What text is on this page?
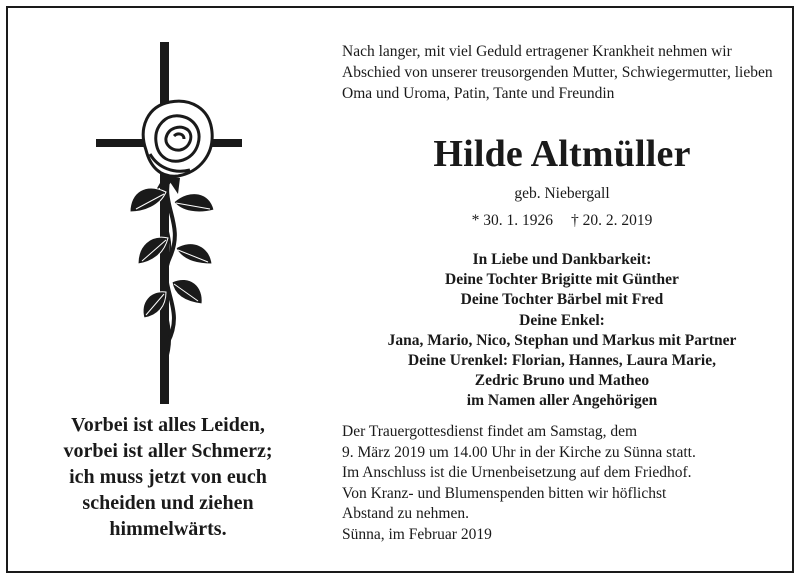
Vorbei ist alles Leiden,
vorbei ist aller Schmerz;
ich muss jetzt von euch
scheiden und ziehen
himmelwärts.
Nach langer, mit viel Geduld ertragener Krankheit nehmen wir Abschied von unserer treusorgenden Mutter, Schwiegermutter, lieben Oma und Uroma, Patin, Tante und Freundin
Hilde Altmüller
geb. Niebergall
* 30. 1. 1926 † 20. 2. 2019
In Liebe und Dankbarkeit:
Deine Tochter Brigitte mit Günther
Deine Tochter Bärbel mit Fred
Deine Enkel:
Jana, Mario, Nico, Stephan und Markus mit Partner
Deine Urenkel: Florian, Hannes, Laura Marie,
Zedric Bruno und Matheo
im Namen aller Angehörigen
Der Trauergottesdienst findet am Samstag, dem
9. März 2019 um 14.00 Uhr in der Kirche zu Sünna statt.
Im Anschluss ist die Urnenbeisetzung auf dem Friedhof.
Von Kranz- und Blumenspenden bitten wir höflichst
Abstand zu nehmen.
Sünna, im Februar 2019
